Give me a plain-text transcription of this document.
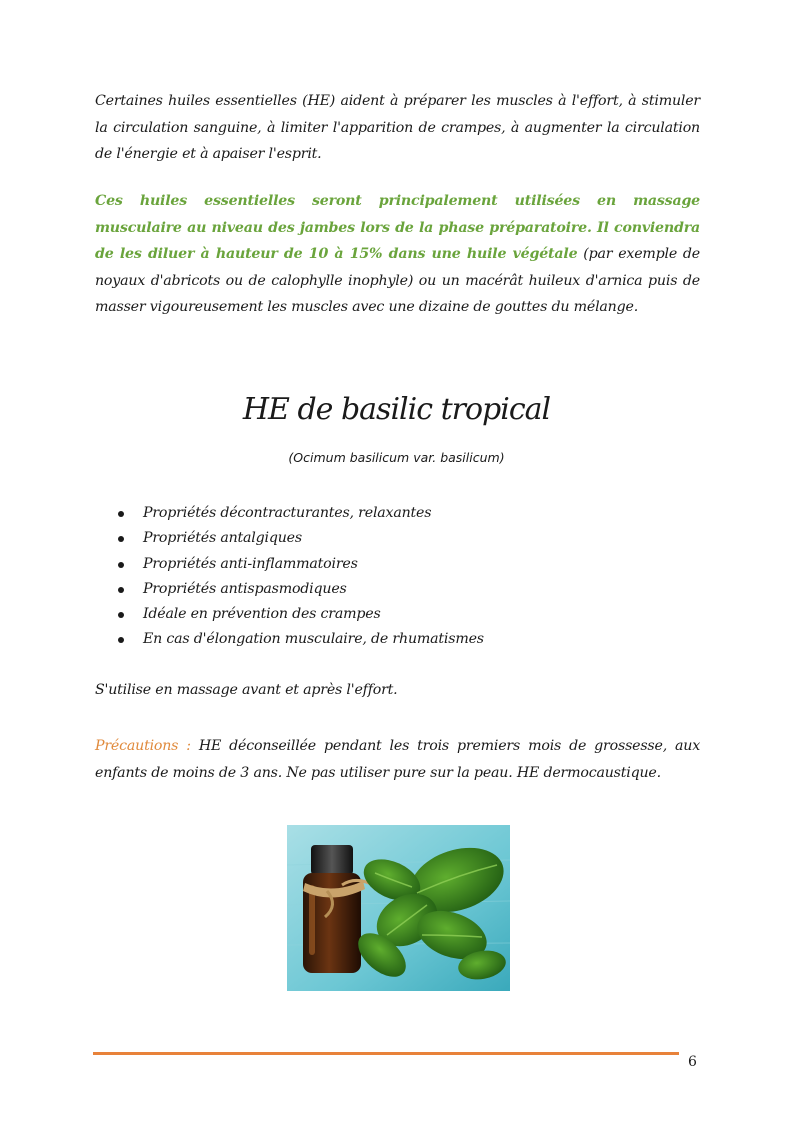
Certaines huiles essentielles (HE) aident à préparer les muscles à l'effort, à stimuler la circulation sanguine, à limiter l'apparition de crampes, à augmenter la circulation de l'énergie et à apaiser l'esprit.

Ces huiles essentielles seront principalement utilisées en massage musculaire au niveau des jambes lors de la phase préparatoire. Il conviendra de les diluer à hauteur de 10 à 15% dans une huile végétale (par exemple de noyaux d'abricots ou de calophylle inophyle) ou un macérât huileux d'arnica puis de masser vigoureusement les muscles avec une dizaine de gouttes du mélange.

HE de basilic tropical
(Ocimum basilicum var. basilicum)
Propriétés décontracturantes, relaxantes
Propriétés antalgiques
Propriétés anti-inflammatoires
Propriétés antispasmodiques
Idéale en prévention des crampes
En cas d'élongation musculaire, de rhumatismes

S'utilise en massage avant et après l'effort.

Précautions : HE déconseillée pendant les trois premiers mois de grossesse, aux enfants de moins de 3 ans. Ne pas utiliser pure sur la peau. HE dermocaustique.

6
